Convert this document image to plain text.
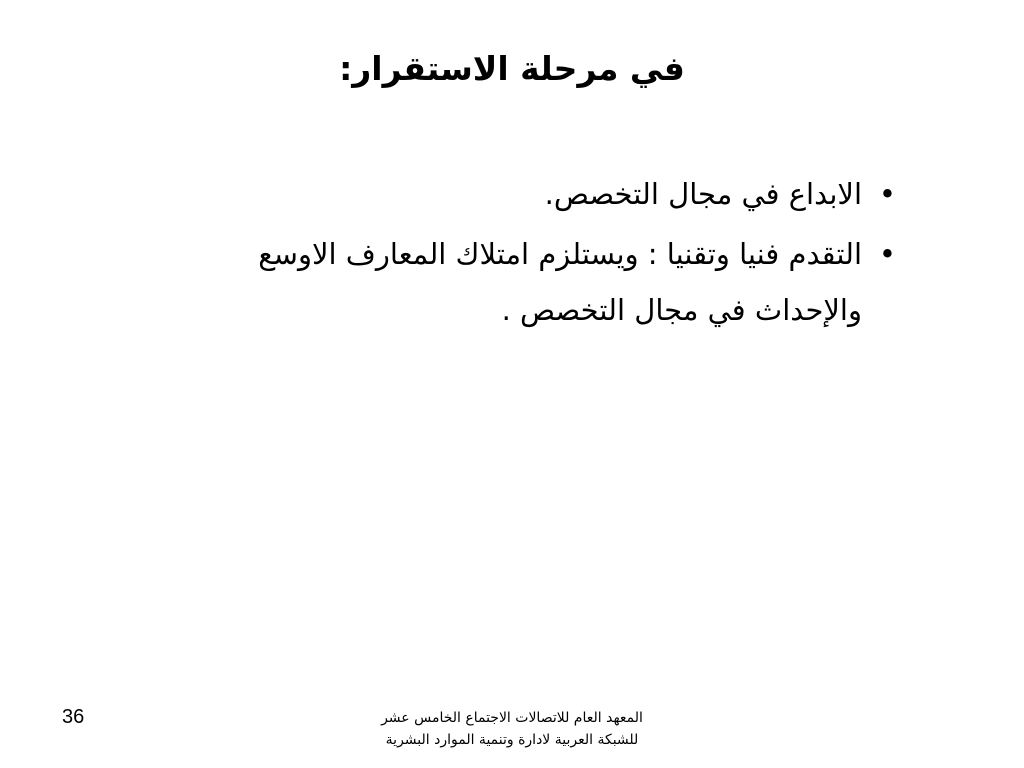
في مرحلة الاستقرار:
•
الابداع في مجال التخصص.
•
التقدم فنيا وتقنيا : ويستلزم امتلاك المعارف الاوسع والإحداث في مجال التخصص .
المعهد العام للاتصالات الاجتماع الخامس عشر
للشبكة العربية لادارة وتنمية الموارد البشرية
36
